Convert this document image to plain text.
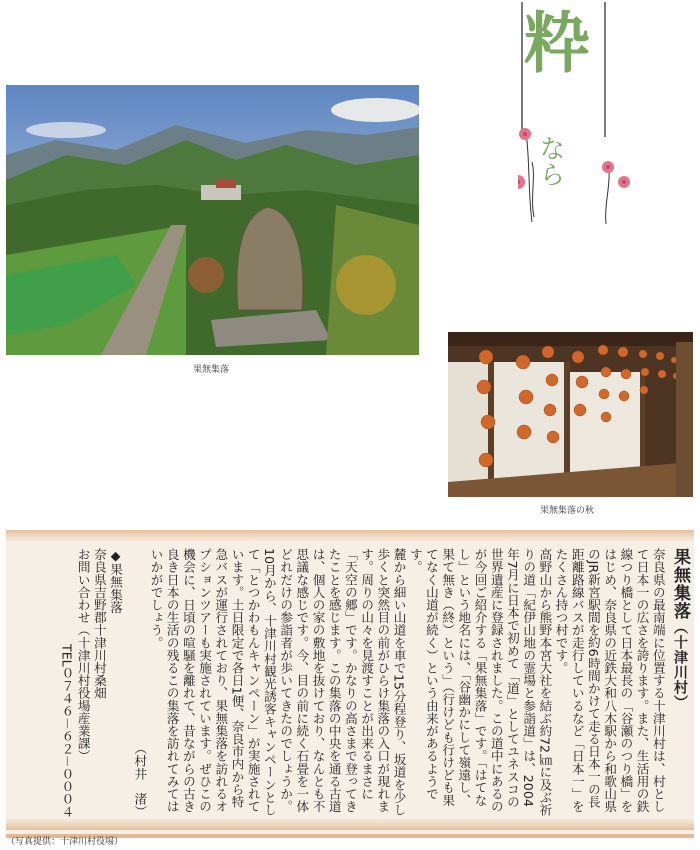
果無集落
果無集落の秋
粋
なら
果無集落（十津川村）
奈良県の最南端に位置する十津川村は、村として日本一の広さを誇ります。また、生活用の鉄線つり橋として日本最長の「谷瀬のつり橋」をはじめ、奈良県の近鉄大和八木駅から和歌山県のJR新宮駅間を約6時間かけて走る日本一の長距離路線バスが走行しているなど「日本一」をたくさん持つ村です。
高野山から熊野本宮大社を結ぶ約72㎞に及ぶ祈りの道「紀伊山地の霊場と参詣道」は、2004年7月に日本で初めて「道」としてユネスコの世界遺産に登録されました。この道中にあるのが今回ご紹介する「果無集落」です。「はてなし」という地名には、「谷幽かにして嶺遠し、果て無き（終）という」（行けども行けども果てなく山道が続く）という由来があるようです。
麓から細い山道を車で15分程登り、坂道を少し歩くと突然目の前がひらけ集落の入口が現れます。周りの山々を見渡すことが出来るまさに「天空の郷」です。かなりの高さまで登ってきたことを感じます。この集落の中央を通る古道は、個人の家の敷地を抜けており、なんとも不思議な感じです。今、目の前に続く石畳を一体どれだけの参詣者が歩いてきたのでしょうか。
10月から、十津川村観光誘客キャンペーンとして「とつかわもんキャンペーン」が実施されています。土日限定で各日1便、奈良市内から特急バスが運行されており、果無集落を訪れるオプションツアーも実施されています。ぜひこの機会に、日頃の喧騒を離れて、昔ながらの古き良き日本の生活の残るこの集落を訪れてみてはいかがでしょう。
（村井　渚）
◆果無集落
奈良県吉野郡十津川村桑畑
お問い合わせ（十津川村役場産業課）
TEL０７４６－６２－０００４
（写真提供：十津川村役場）
